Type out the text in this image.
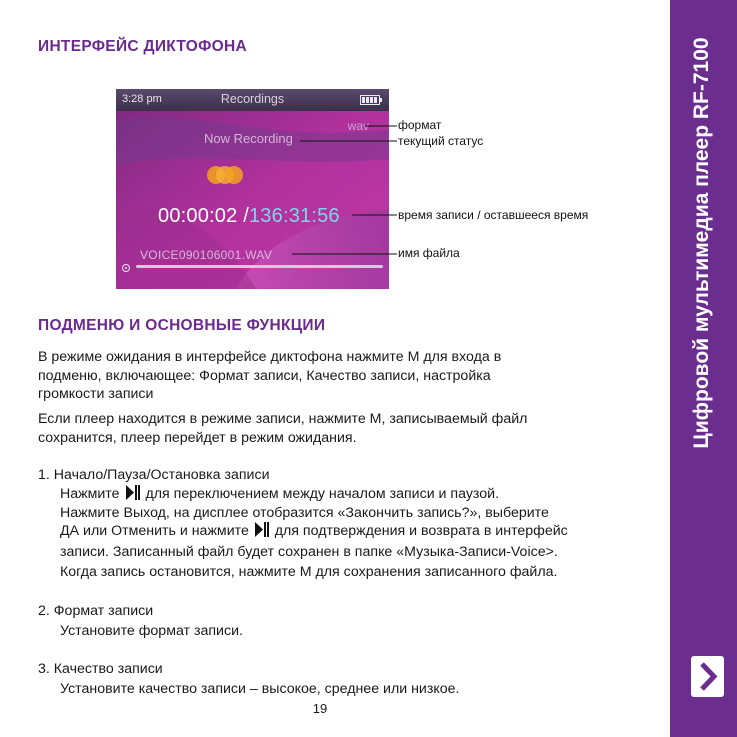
ИНТЕРФЕЙС ДИКТОФОНА	Цифровой мультимедиа плеер RF-7100
3:28 pm	Recordings
wav
Now Recording
00:00:02 /136:31:56
VOICE090106001.WAV
формат
текущий статус
время записи / оставшееся время
имя файла
ПОДМЕНЮ И ОСНОВНЫЕ ФУНКЦИИ
В режиме ожидания в интерфейсе диктофона нажмите M для входа в
подменю, включающее: Формат записи, Качество записи, настройка
громкости записи
Если плеер находится в режиме записи, нажмите M, записываемый файл
сохранится, плеер перейдет в режим ожидания.
1. Начало/Пауза/Остановка записи
Нажмите для переключением между началом записи и паузой.
Нажмите Выход, на дисплее отобразится «Закончить запись?», выберите
ДА или Отменить и нажмите для подтверждения и возврата в интерфейс
записи. Записанный файл будет сохранен в папке «Музыка-Записи-Voice>.
Когда запись остановится, нажмите M для сохранения записанного файла.
2. Формат записи
Установите формат записи.
3. Качество записи
Установите качество записи – высокое, среднее или низкое.
19
